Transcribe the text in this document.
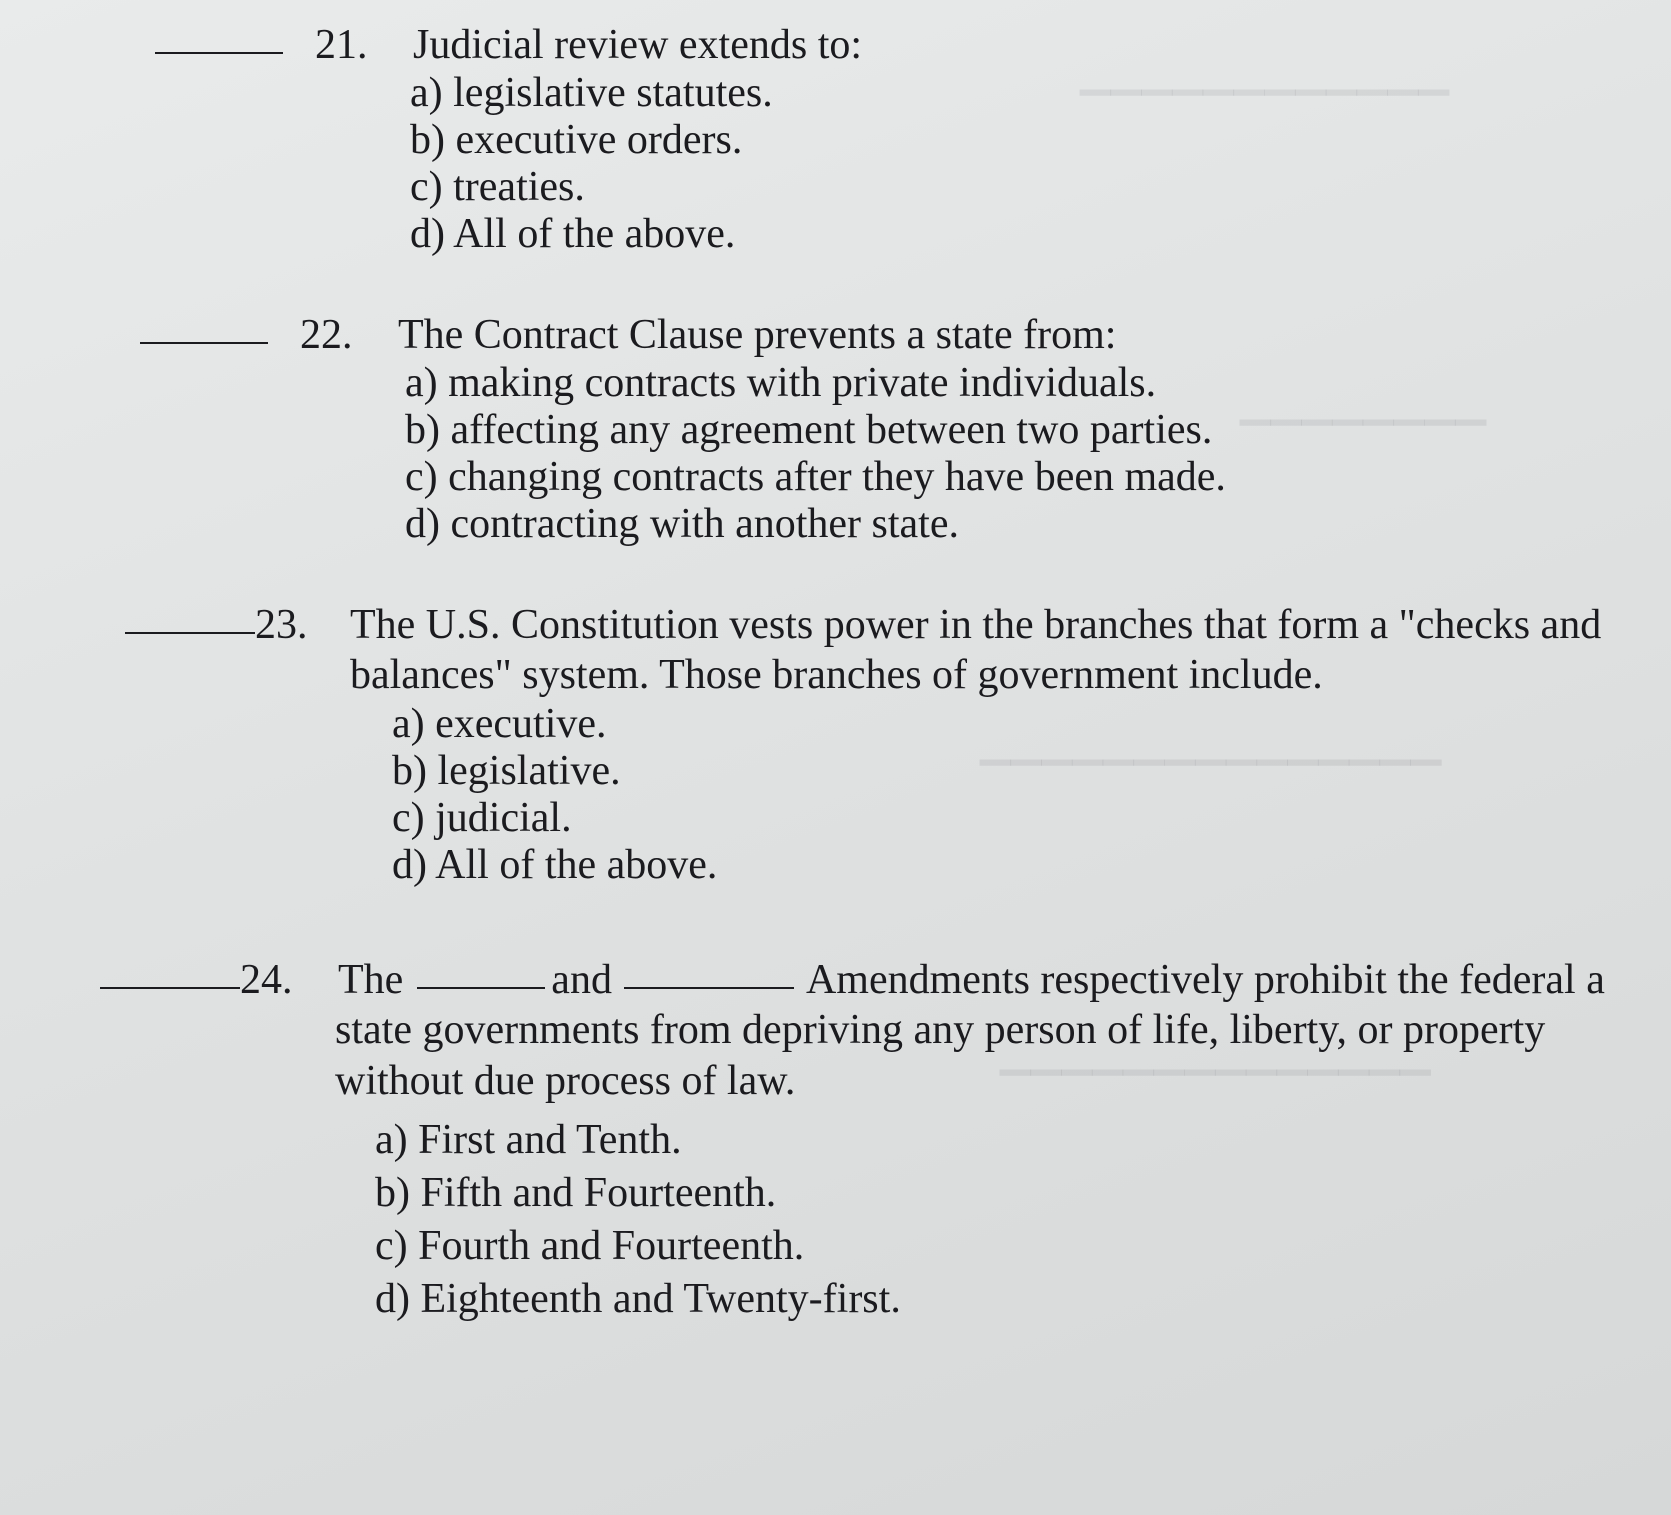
▔▔▔▔▔▔▔▔▔▔▔▔
▔▔▔▔▔▔▔▔
▔▔▔▔▔▔▔▔▔▔▔▔▔▔▔
▔▔▔▔▔▔▔▔▔▔▔▔▔▔
21.	Judicial review extends to:
a) legislative statutes.
b) executive orders.
c) treaties.
d) All of the above.
22.	The Contract Clause prevents a state from:
a) making contracts with private individuals.
b) affecting any agreement between two parties.
c) changing contracts after they have been made.
d) contracting with another state.
23.	The U.S. Constitution vests power in the branches that form a "checks and
balances" system. Those branches of government include.
a) executive.
b) legislative.
c) judicial.
d) All of the above.
24.	The	and	Amendments respectively prohibit the federal a
state governments from depriving any person of life, liberty, or property
without due process of law.
a) First and Tenth.
b) Fifth and Fourteenth.
c) Fourth and Fourteenth.
d) Eighteenth and Twenty-first.
